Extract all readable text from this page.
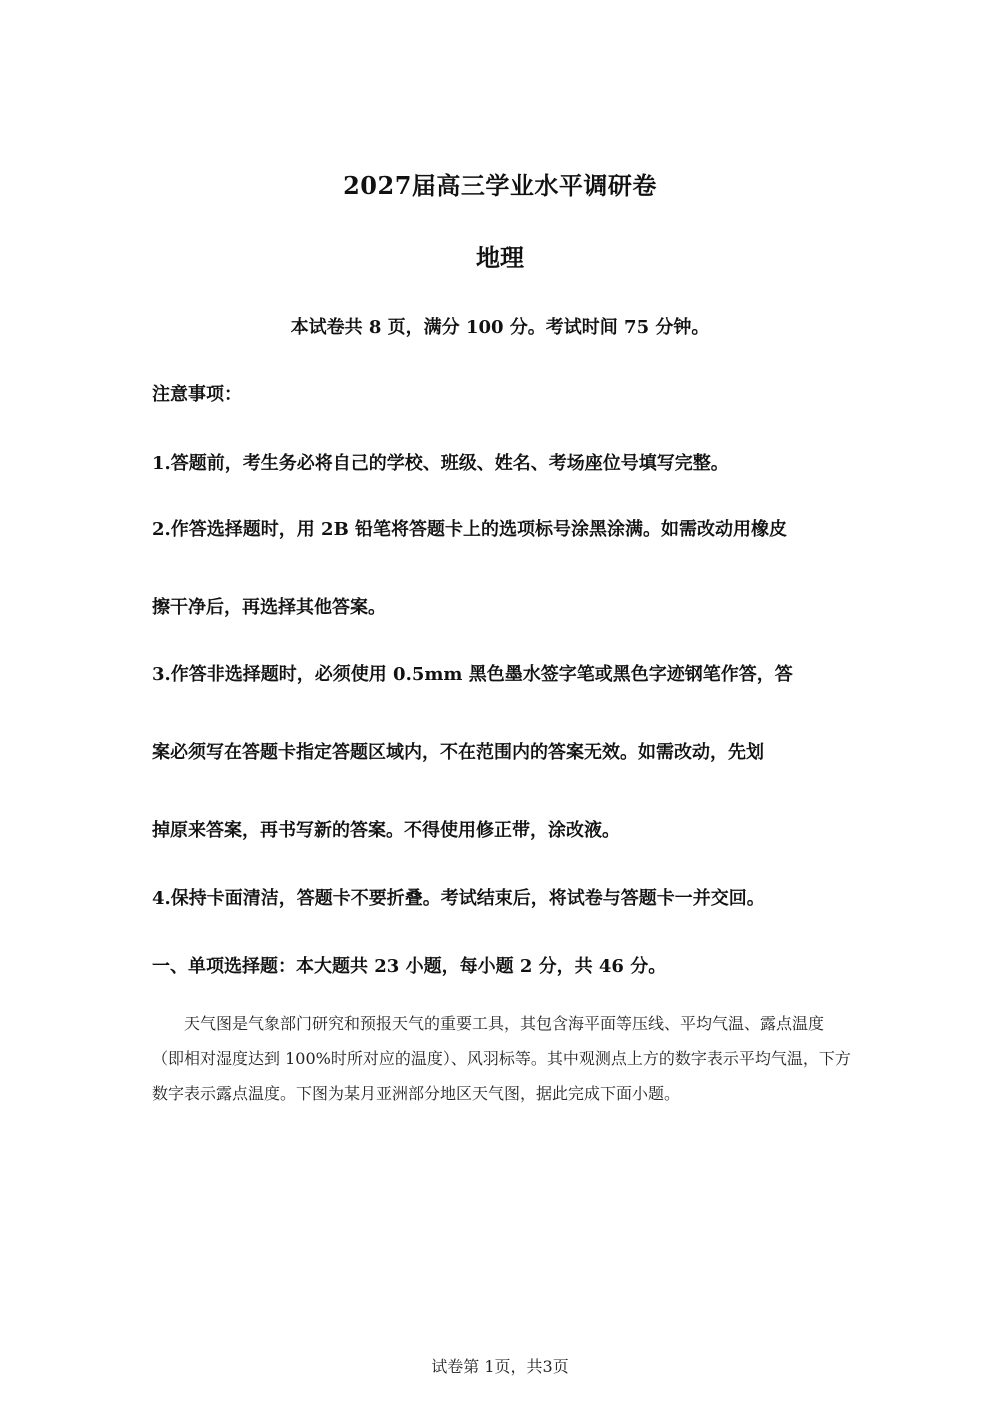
2027届高三学业水平调研卷
地理
本试卷共 8 页，满分 100 分。考试时间 75 分钟。
注意事项：
1.答题前，考生务必将自己的学校、班级、姓名、考场座位号填写完整。
2.作答选择题时，用 2B 铅笔将答题卡上的选项标号涂黑涂满。如需改动用橡皮
擦干净后，再选择其他答案。
3.作答非选择题时，必须使用 0.5mm 黑色墨水签字笔或黑色字迹钢笔作答，答
案必须写在答题卡指定答题区域内，不在范围内的答案无效。如需改动，先划
掉原来答案，再书写新的答案。不得使用修正带，涂改液。
4.保持卡面清洁，答题卡不要折叠。考试结束后，将试卷与答题卡一并交回。
一、单项选择题：本大题共 23 小题，每小题 2 分，共 46 分。

天气图是气象部门研究和预报天气的重要工具，其包含海平面等压线、平均气温、露点温度（即相对湿度达到 100%时所对应的温度）、风羽标等。其中观测点上方的数字表示平均气温，下方数字表示露点温度。下图为某月亚洲部分地区天气图，据此完成下面小题。

试卷第 1页，共3页
